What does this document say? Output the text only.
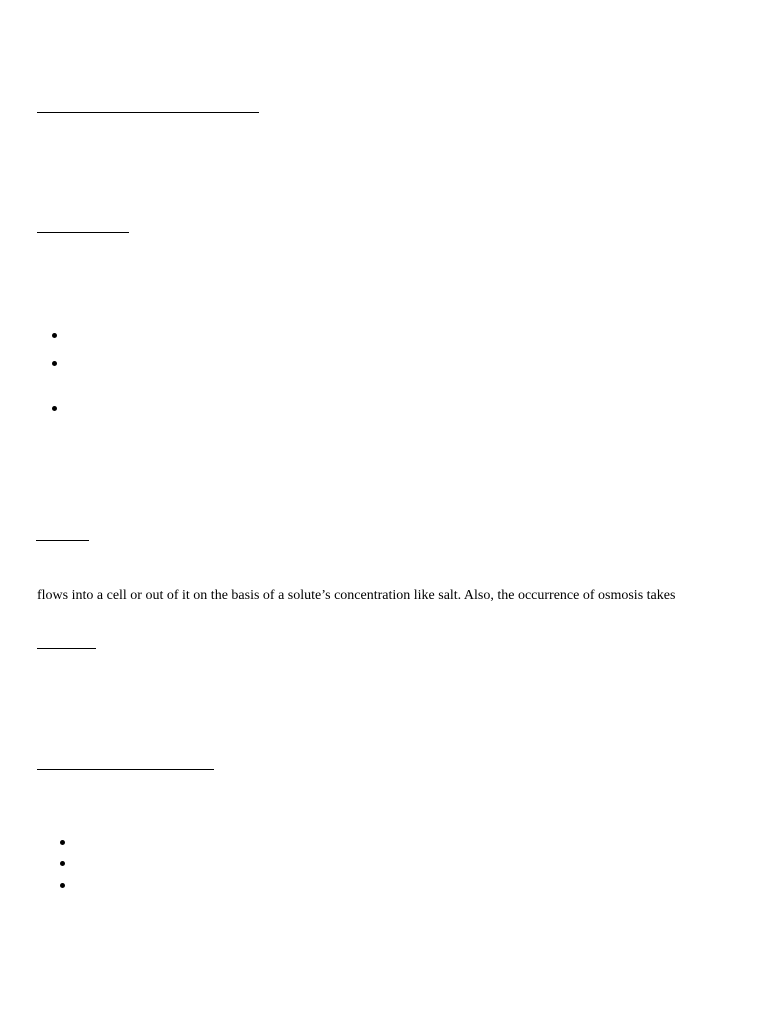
flows into a cell or out of it on the basis of a solute’s concentration like salt. Also, the occurrence of osmosis takes
